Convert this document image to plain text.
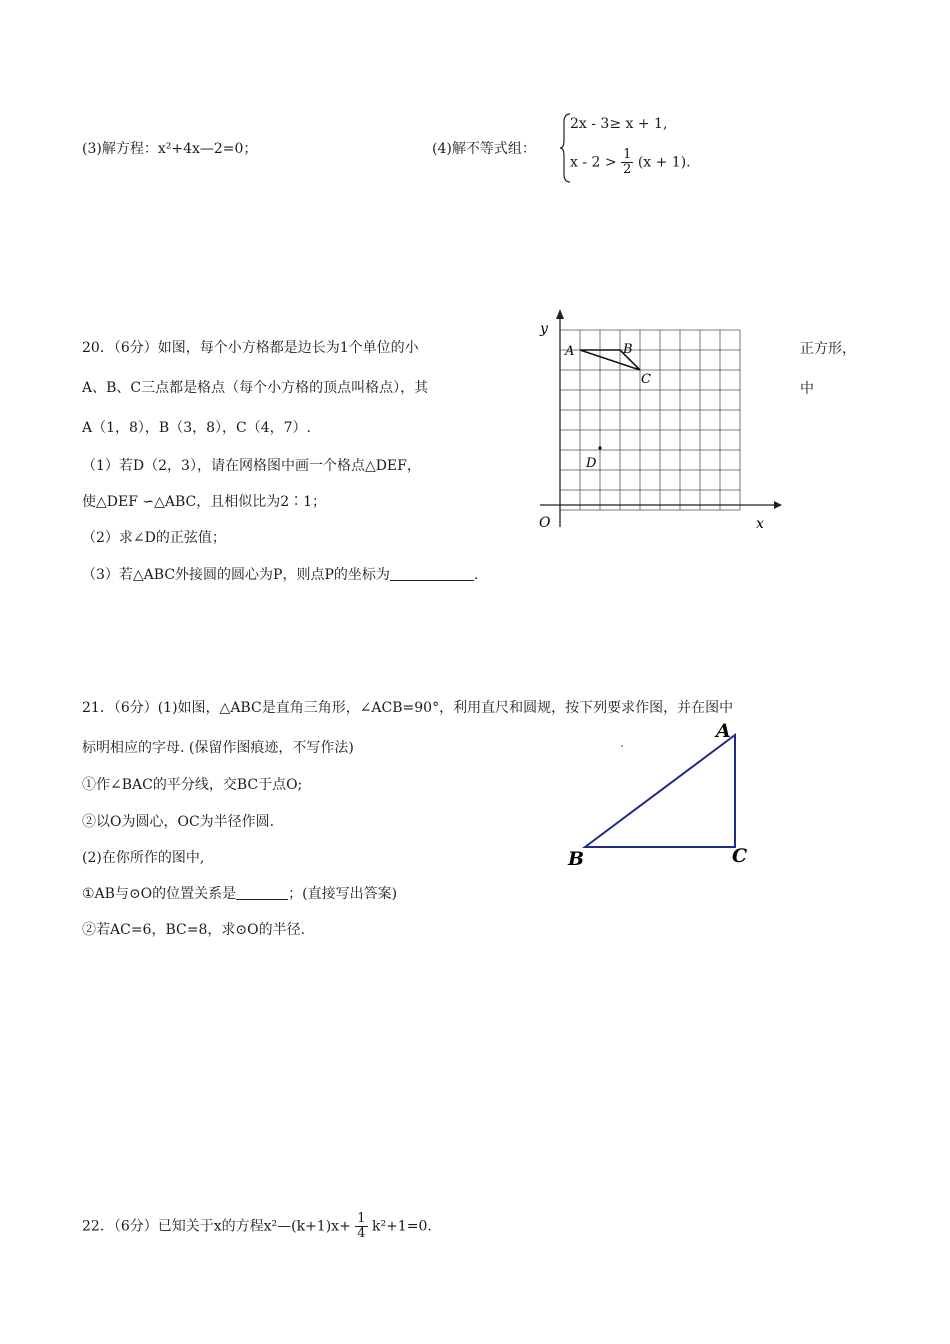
(3)解方程：x²+4x—2=0；	(4)解不等式组：
2x - 3≥ x + 1,
$x - 2 > \frac{1}{2} (x + 1)$.
20．（6分）如图，每个小方格都是边长为1个单位的小	正方形，
A、B、C三点都是格点（每个小方格的顶点叫格点），其	中
A（1，8），B（3，8），C（4，7）.
（1）若D（2，3），请在网格图中画一个格点△DEF，
使△DEF ∽△ABC，且相似比为2∶1；
（2）求∠D的正弦值；
（3）若△ABC外接圆的圆心为P，则点P的坐标为	.
y
x
O
A	B
C
D
21．（6分）(1)如图，△ABC是直角三角形，∠ACB=90°，利用直尺和圆规，按下列要求作图，并在图中
标明相应的字母. (保留作图痕迹，不写作法)
①作∠BAC的平分线，交BC于点O;
②以O为圆心，OC为半径作圆.
(2)在你所作的图中,
①AB与⊙O的位置关系是	；(直接写出答案)
②若AC=6，BC=8，求⊙O的半径.
A
B	C
22．（6分）已知关于x的方程x²—(k+1)x+ $\frac{1}{4} k^2+1=0$.
